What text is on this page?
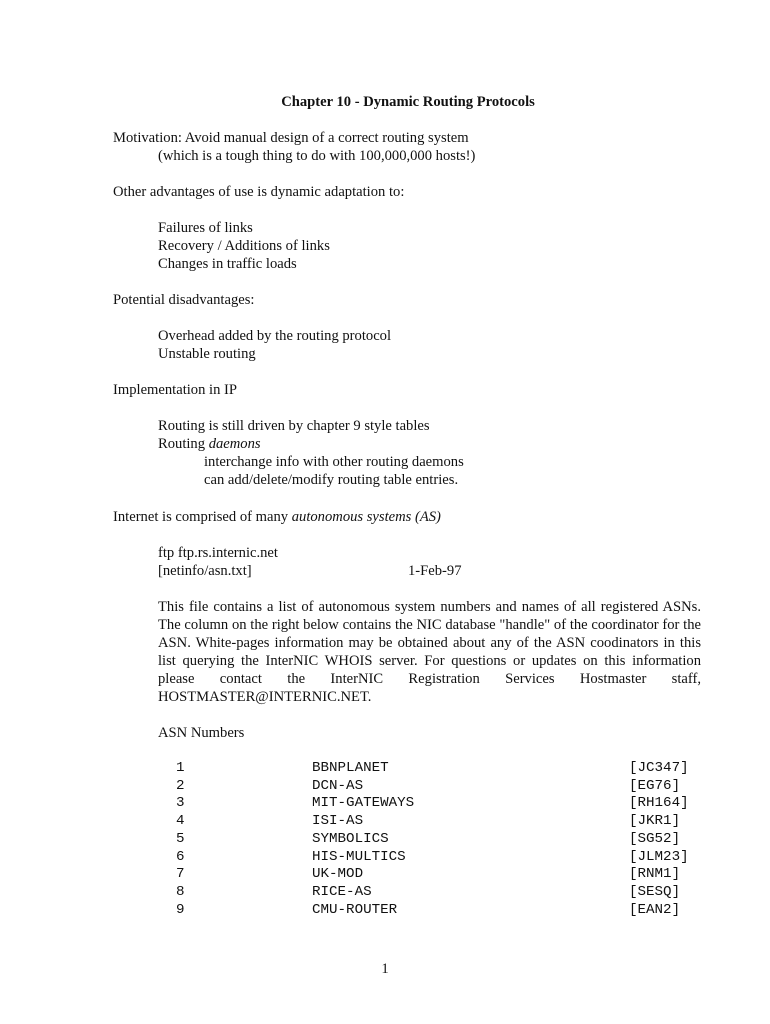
Chapter 10 - Dynamic Routing Protocols
Motivation: Avoid manual design of a correct routing system
(which is a tough thing to do with 100,000,000 hosts!)
Other advantages of use is dynamic adaptation to:
Failures of links
Recovery / Additions of links
Changes in traffic loads
Potential disadvantages:
Overhead added by the routing protocol
Unstable routing
Implementation in IP
Routing is still driven by chapter 9 style tables
Routing daemons
interchange info with other routing daemons
can add/delete/modify routing table entries.
Internet is comprised of many autonomous systems (AS)
ftp ftp.rs.internic.net
[netinfo/asn.txt]	1-Feb-97
This file contains a list of autonomous system numbers and names of all registered ASNs. The column on the right below contains the NIC database "handle" of the coordinator for the ASN. White-pages information may be obtained about any of the ASN coodinators in this list querying the InterNIC WHOIS server. For questions or updates on this information please contact the InterNIC Registration Services Hostmaster staff, HOSTMASTER@INTERNIC.NET.
ASN Numbers
1	BBNPLANET	[JC347]
2	DCN-AS	[EG76]
3	MIT-GATEWAYS	[RH164]
4	ISI-AS	[JKR1]
5	SYMBOLICS	[SG52]
6	HIS-MULTICS	[JLM23]
7	UK-MOD	[RNM1]
8	RICE-AS	[SESQ]
9	CMU-ROUTER	[EAN2]
1
